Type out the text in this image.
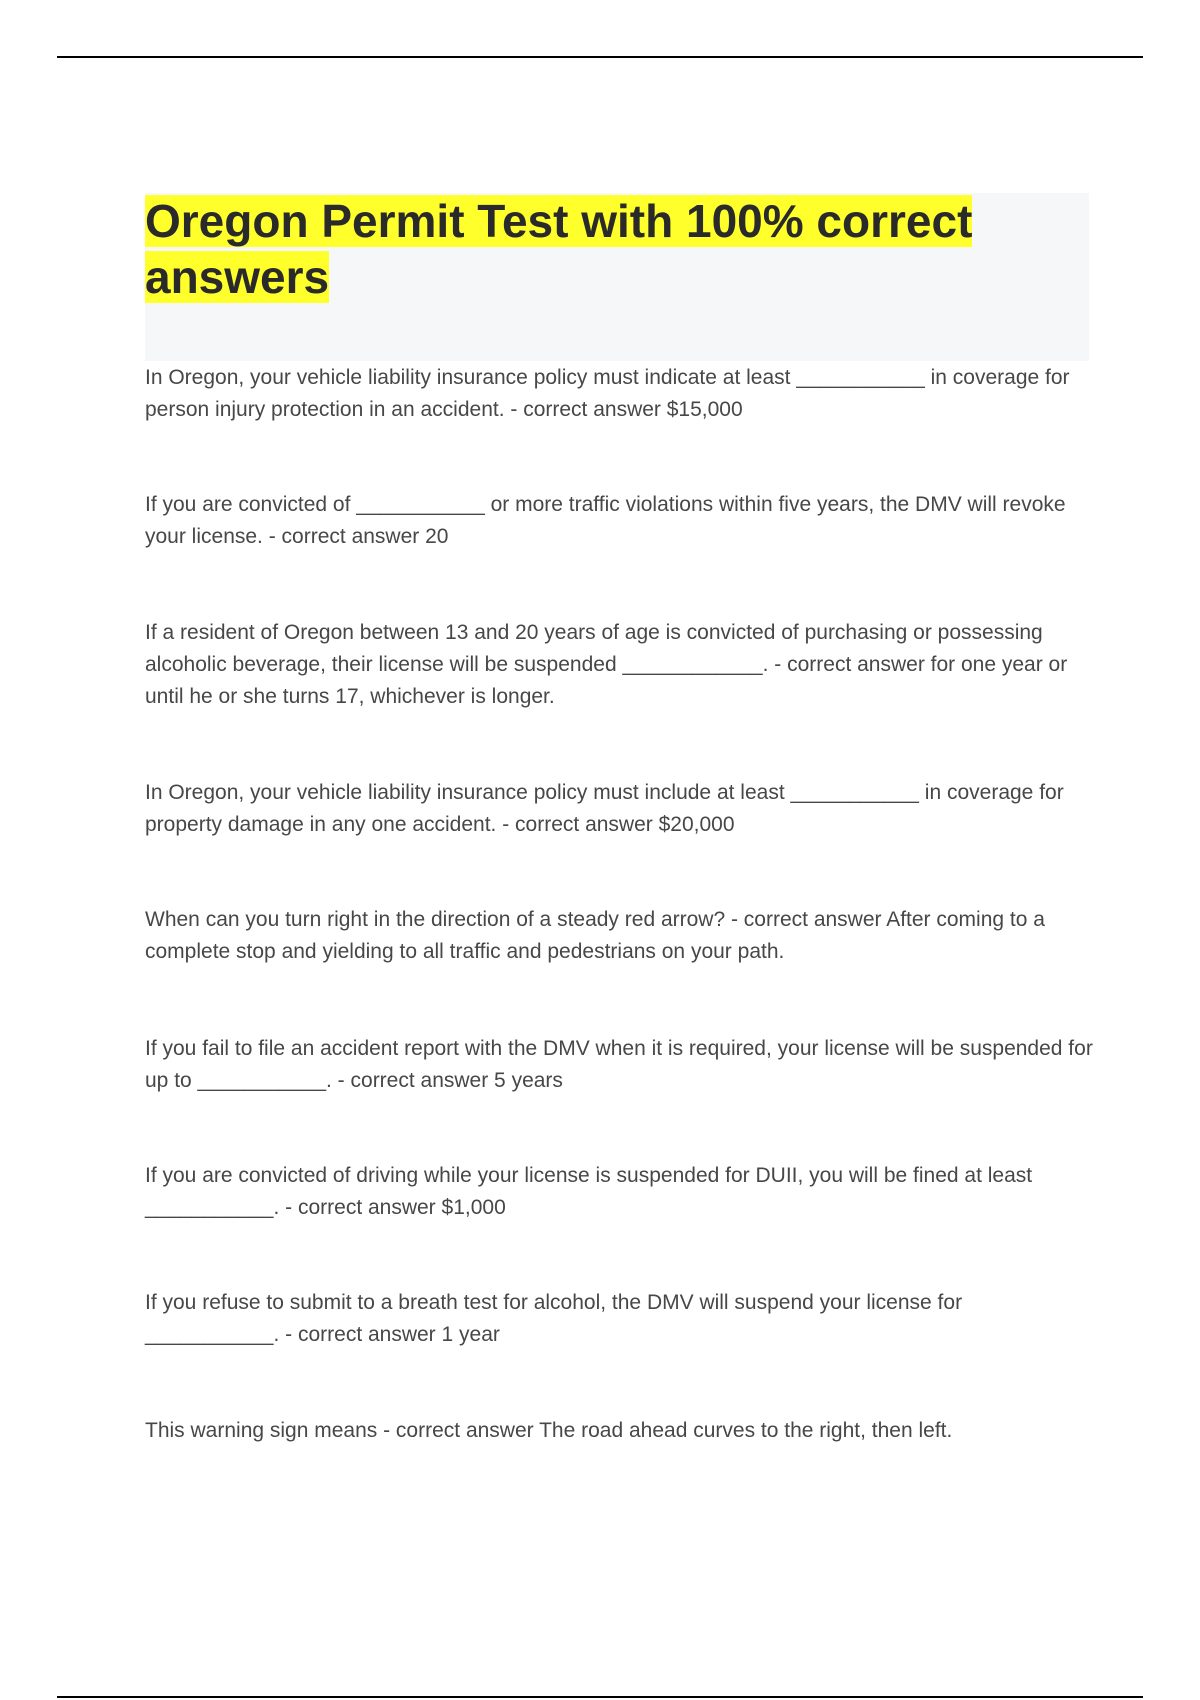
Oregon Permit Test with 100% correct answers

In Oregon, your vehicle liability insurance policy must indicate at least ___________ in coverage for person injury protection in an accident. - correct answer $15,000

If you are convicted of ___________ or more traffic violations within five years, the DMV will revoke your license. - correct answer 20

If a resident of Oregon between 13 and 20 years of age is convicted of purchasing or possessing alcoholic beverage, their license will be suspended ____________. - correct answer for one year or until he or she turns 17, whichever is longer.

In Oregon, your vehicle liability insurance policy must include at least ___________ in coverage for property damage in any one accident. - correct answer $20,000

When can you turn right in the direction of a steady red arrow? - correct answer After coming to a complete stop and yielding to all traffic and pedestrians on your path.

If you fail to file an accident report with the DMV when it is required, your license will be suspended for up to ___________. - correct answer 5 years

If you are convicted of driving while your license is suspended for DUII, you will be fined at least ___________. - correct answer $1,000

If you refuse to submit to a breath test for alcohol, the DMV will suspend your license for ___________. - correct answer 1 year

This warning sign means - correct answer The road ahead curves to the right, then left.
